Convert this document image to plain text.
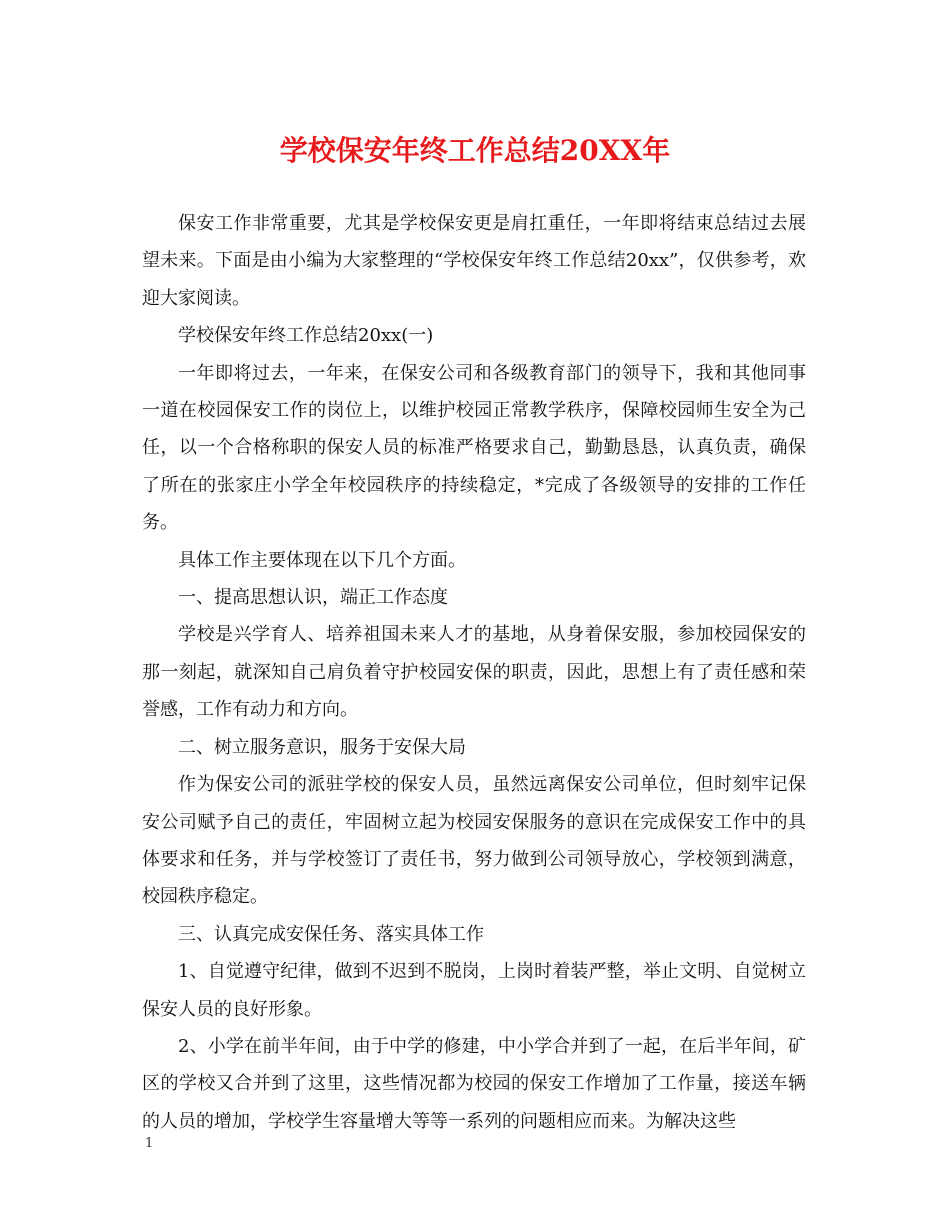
学校保安年终工作总结20XX年

保安工作非常重要，尤其是学校保安更是肩扛重任，一年即将结束总结过去展望未来。下面是由小编为大家整理的“学校保安年终工作总结20xx”，仅供参考，欢迎大家阅读。

学校保安年终工作总结20xx(一)

一年即将过去，一年来，在保安公司和各级教育部门的领导下，我和其他同事一道在校园保安工作的岗位上，以维护校园正常教学秩序，保障校园师生安全为己任，以一个合格称职的保安人员的标准严格要求自己，勤勤恳恳，认真负责，确保了所在的张家庄小学全年校园秩序的持续稳定，*完成了各级领导的安排的工作任务。

具体工作主要体现在以下几个方面。

一、提高思想认识，端正工作态度

学校是兴学育人、培养祖国未来人才的基地，从身着保安服，参加校园保安的那一刻起，就深知自己肩负着守护校园安保的职责，因此，思想上有了责任感和荣誉感，工作有动力和方向。

二、树立服务意识，服务于安保大局

作为保安公司的派驻学校的保安人员，虽然远离保安公司单位，但时刻牢记保安公司赋予自己的责任，牢固树立起为校园安保服务的意识在完成保安工作中的具体要求和任务，并与学校签订了责任书，努力做到公司领导放心，学校领到满意，校园秩序稳定。

三、认真完成安保任务、落实具体工作

1、自觉遵守纪律，做到不迟到不脱岗，上岗时着装严整，举止文明、自觉树立保安人员的良好形象。

2、小学在前半年间，由于中学的修建，中小学合并到了一起，在后半年间，矿区的学校又合并到了这里，这些情况都为校园的保安工作增加了工作量，接送车辆的人员的增加，学校学生容量增大等等一系列的问题相应而来。为解决这些

1
